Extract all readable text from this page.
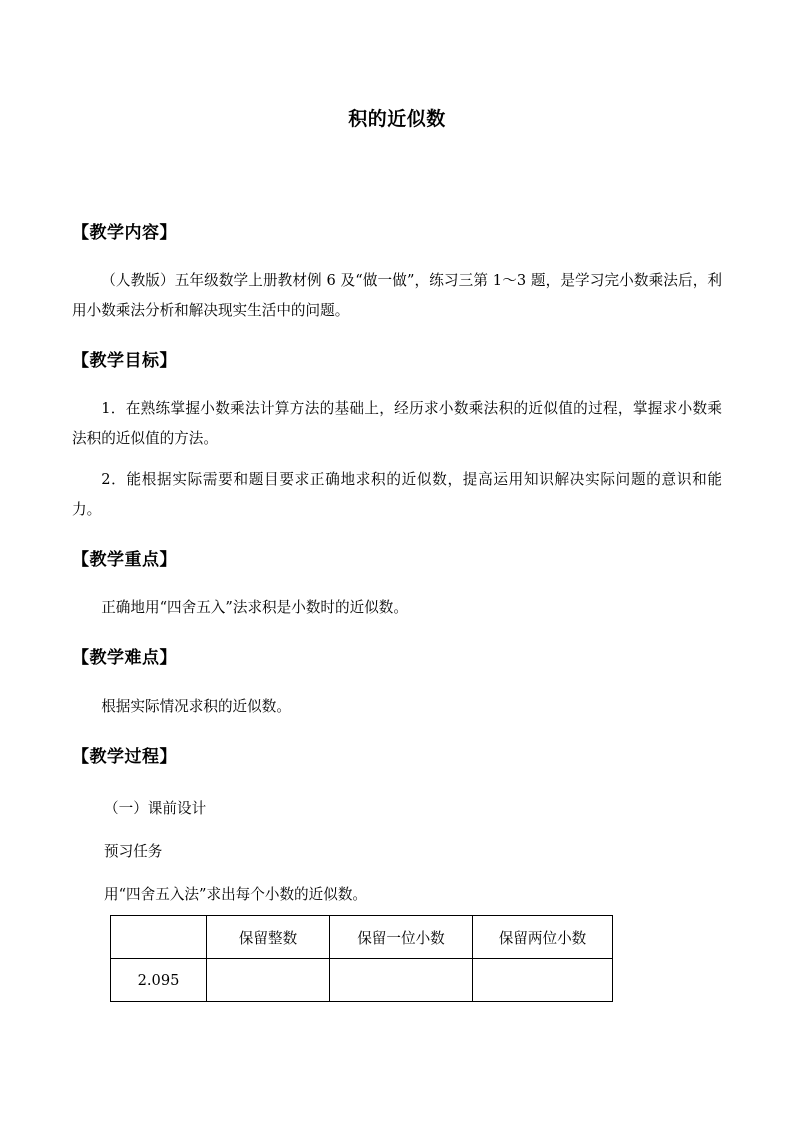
积的近似数
【教学内容】
（人教版）五年级数学上册教材例 6 及“做一做”，练习三第 1～3 题，是学习完小数乘法后，利用小数乘法分析和解决现实生活中的问题。
【教学目标】
1．在熟练掌握小数乘法计算方法的基础上，经历求小数乘法积的近似值的过程，掌握求小数乘法积的近似值的方法。
2．能根据实际需要和题目要求正确地求积的近似数，提高运用知识解决实际问题的意识和能力。
【教学重点】
正确地用“四舍五入”法求积是小数时的近似数。
【教学难点】
根据实际情况求积的近似数。
【教学过程】
（一）课前设计
预习任务
用“四舍五入法”求出每个小数的近似数。
	保留整数	保留一位小数	保留两位小数
2.095			
